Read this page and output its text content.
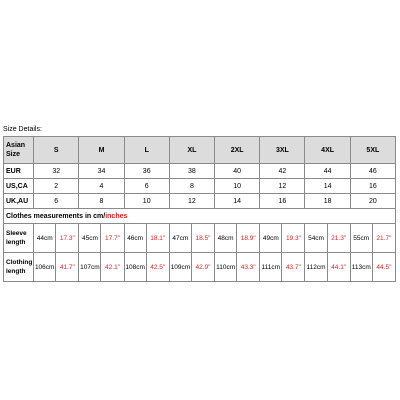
Size Details:
Asian Size	S		M		L		XL		2XL		3XL		4XL		5XL	
EUR	32		34		36		38		40		42		44		46	
US,CA	2		4		6		8		10		12		14		16	
UK,AU	6		8		10		12		14		16		18		20	
Clothes measurements in cm/inches																
Sleeve length	44cm	17.3"	45cm	17.7"	46cm	18.1"	47cm	18.5"	48cm	18.9"	49cm	19.3"	54cm	21.3"	55cm	21.7"
Clothing length	106cm	41.7"	107cm	42.1"	108cm	42.5"	109cm	42.9"	110cm	43.3"	111cm	43.7"	112cm	44.1"	113cm	44.5"
